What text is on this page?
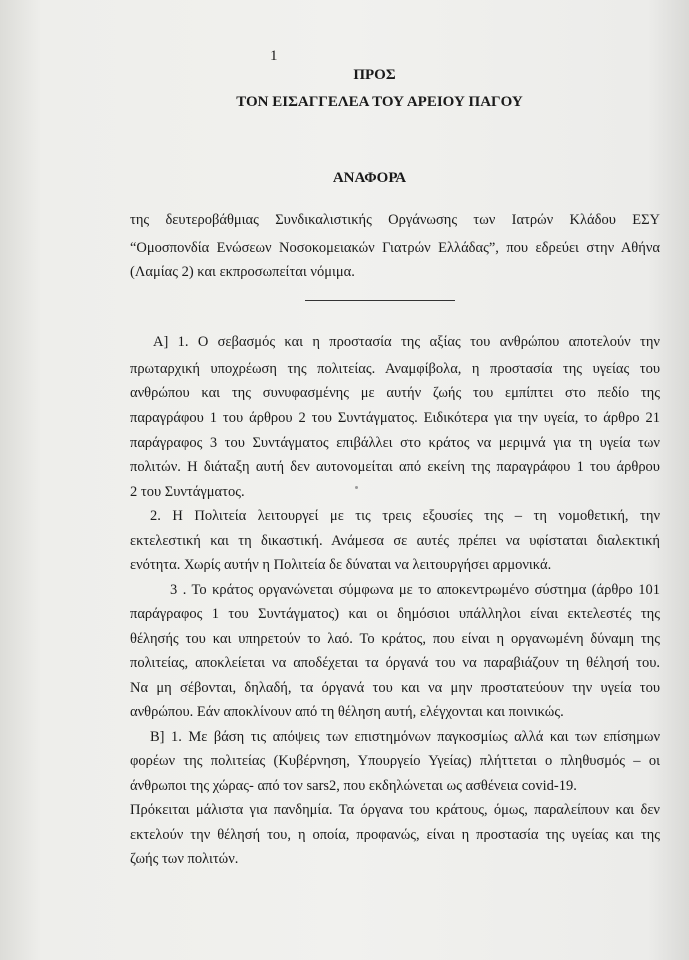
1
ΠΡΟΣ
ΤΟΝ ΕΙΣΑΓΓΕΛΕΑ ΤΟΥ ΑΡΕΙΟΥ ΠΑΓΟΥ
ΑΝΑΦΟΡΑ
της δευτεροβάθμιας Συνδικαλιστικής Οργάνωσης των Ιατρών Κλάδου ΕΣΥ
“Ομοσπονδία Ενώσεων Νοσοκομειακών Γιατρών Ελλάδας”, που εδρεύει στην Αθήνα
(Λαμίας 2) και εκπροσωπείται νόμιμα.
Α] 1. Ο σεβασμός και η προστασία της αξίας του ανθρώπου αποτελούν την
πρωταρχική υποχρέωση της πολιτείας. Αναμφίβολα, η προστασία της υγείας του
ανθρώπου και της συνυφασμένης με αυτήν ζωής του εμπίπτει στο πεδίο της
παραγράφου 1 του άρθρου 2 του Συντάγματος. Ειδικότερα για την υγεία, το άρθρο 21
παράγραφος 3 του Συντάγματος επιβάλλει στο κράτος να μεριμνά για τη υγεία των
πολιτών. Η διάταξη αυτή δεν αυτονομείται από εκείνη της παραγράφου 1 του άρθρου
2 του Συντάγματος.
2. Η Πολιτεία λειτουργεί με τις τρεις εξουσίες της – τη νομοθετική, την
εκτελεστική και τη δικαστική. Ανάμεσα σε αυτές πρέπει να υφίσταται διαλεκτική
ενότητα. Χωρίς αυτήν η Πολιτεία δε δύναται να λειτουργήσει αρμονικά.
3 . Το κράτος οργανώνεται σύμφωνα με το αποκεντρωμένο σύστημα (άρθρο 101
παράγραφος 1 του Συντάγματος) και οι δημόσιοι υπάλληλοι είναι εκτελεστές της
θέλησής του και υπηρετούν το λαό. Το κράτος, που είναι η οργανωμένη δύναμη της
πολιτείας, αποκλείεται να αποδέχεται τα όργανά του να παραβιάζουν τη θέλησή του.
Να μη σέβονται, δηλαδή, τα όργανά του και να μην προστατεύουν την υγεία του
ανθρώπου. Εάν αποκλίνουν από τη θέληση αυτή, ελέγχονται και ποινικώς.
Β] 1. Με βάση τις απόψεις των επιστημόνων παγκοσμίως αλλά και των επίσημων
φορέων της πολιτείας (Κυβέρνηση, Υπουργείο Υγείας) πλήττεται ο πληθυσμός – οι
άνθρωποι της χώρας- από τον sars2, που εκδηλώνεται ως ασθένεια covid-19.
Πρόκειται μάλιστα για πανδημία. Τα όργανα του κράτους, όμως, παραλείπουν και δεν
εκτελούν την θέλησή του, η οποία, προφανώς, είναι η προστασία της υγείας και της
ζωής των πολιτών.
